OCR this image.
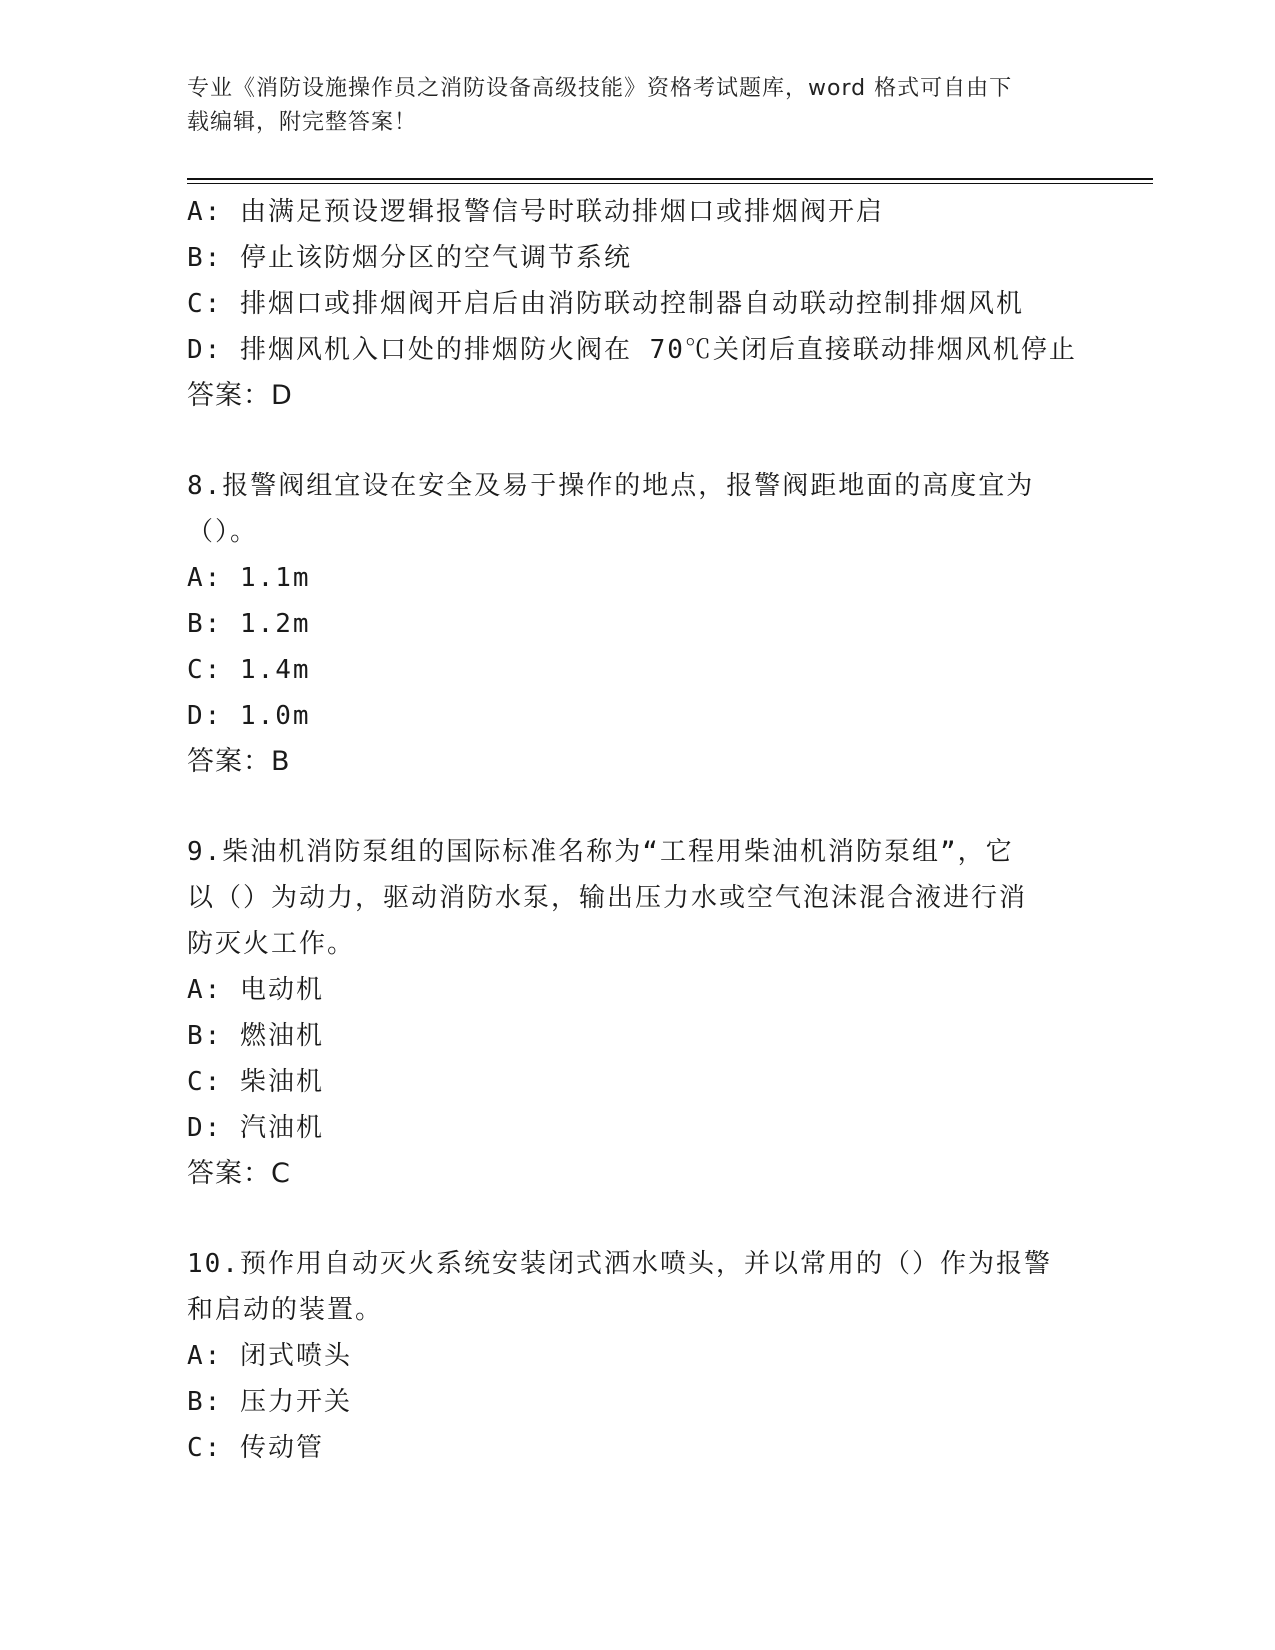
专业《消防设施操作员之消防设备高级技能》资格考试题库，word 格式可自由下
载编辑，附完整答案！
A: 由满足预设逻辑报警信号时联动排烟口或排烟阀开启
B: 停止该防烟分区的空气调节系统
C: 排烟口或排烟阀开启后由消防联动控制器自动联动控制排烟风机
D: 排烟风机入口处的排烟防火阀在 70℃关闭后直接联动排烟风机停止
答案：D
8.报警阀组宜设在安全及易于操作的地点，报警阀距地面的高度宜为
（）。
A: 1.1m
B: 1.2m
C: 1.4m
D: 1.0m
答案：B
9.柴油机消防泵组的国际标准名称为“工程用柴油机消防泵组”，它
以（）为动力，驱动消防水泵，输出压力水或空气泡沫混合液进行消
防灭火工作。
A: 电动机
B: 燃油机
C: 柴油机
D: 汽油机
答案：C
10.预作用自动灭火系统安装闭式洒水喷头，并以常用的（）作为报警
和启动的装置。
A: 闭式喷头
B: 压力开关
C: 传动管
